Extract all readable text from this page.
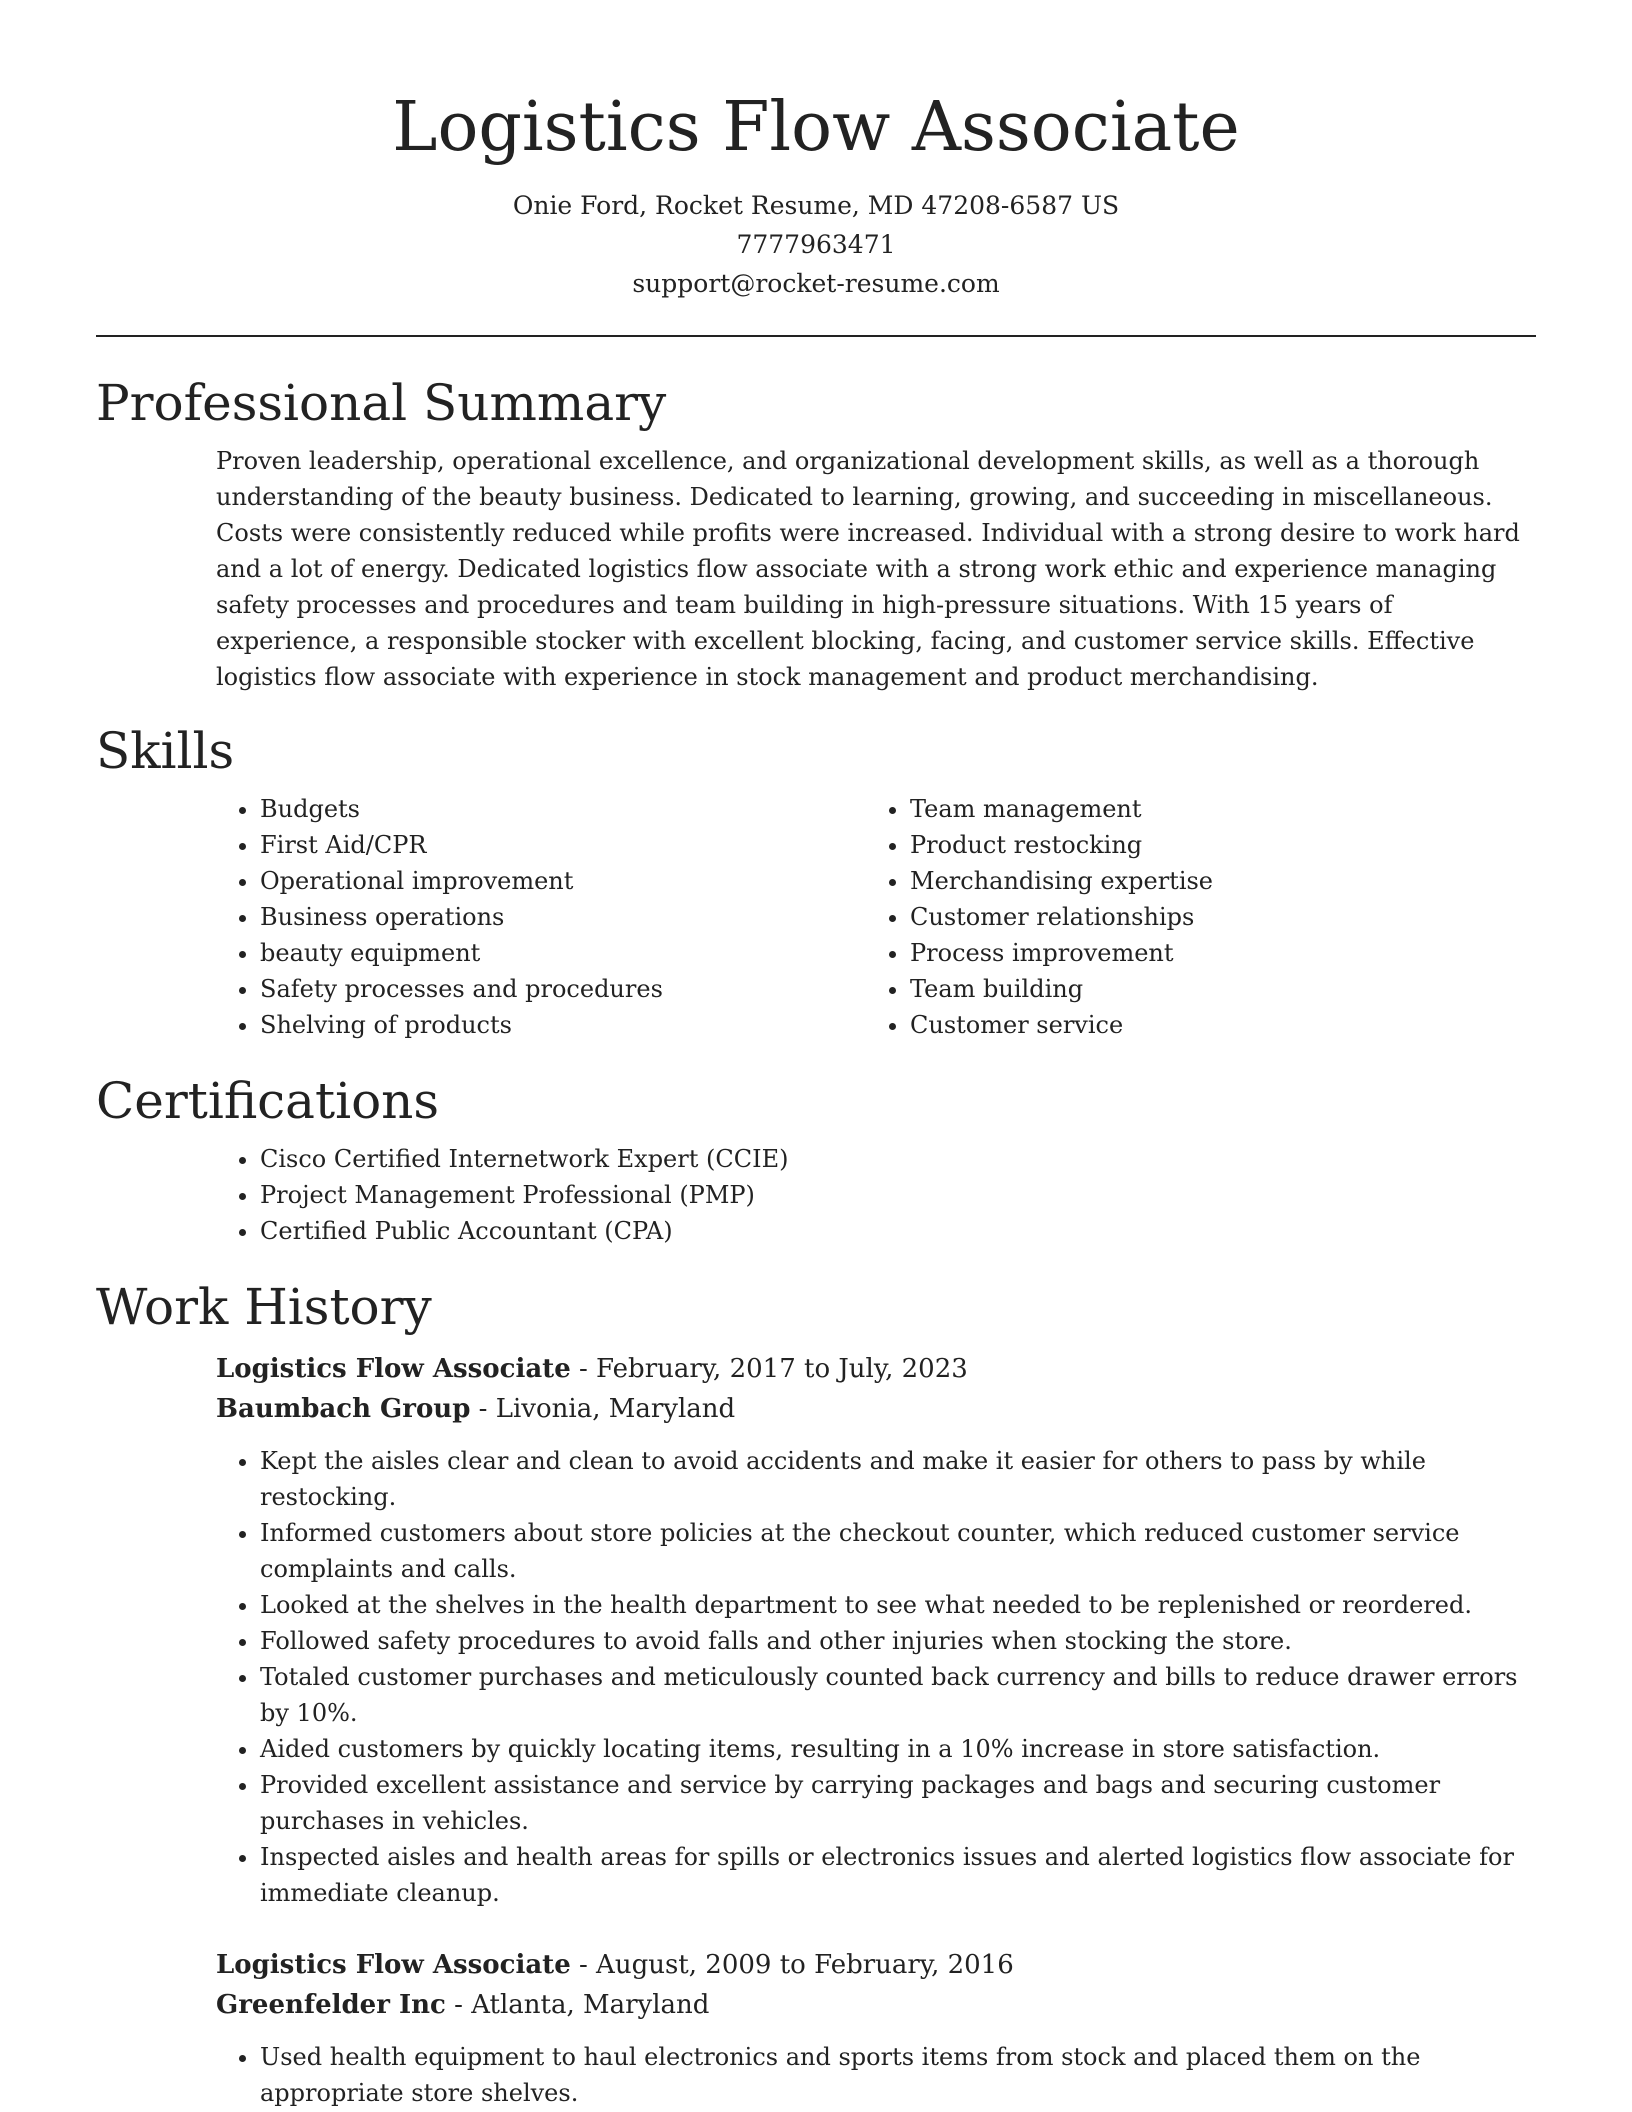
Logistics Flow Associate
Onie Ford, Rocket Resume, MD 47208-6587 US
7777963471
support@rocket-resume.com
Professional Summary

Proven leadership, operational excellence, and organizational development skills, as well as a thorough understanding of the beauty business. Dedicated to learning, growing, and succeeding in miscellaneous. Costs were consistently reduced while profits were increased. Individual with a strong desire to work hard and a lot of energy. Dedicated logistics flow associate with a strong work ethic and experience managing safety processes and procedures and team building in high-pressure situations. With 15 years of experience, a responsible stocker with excellent blocking, facing, and customer service skills. Effective logistics flow associate with experience in stock management and product merchandising.

Skills
• Budgets
• First Aid/CPR
• Operational improvement
• Business operations
• beauty equipment
• Safety processes and procedures
• Shelving of products
• Team management
• Product restocking
• Merchandising expertise
• Customer relationships
• Process improvement
• Team building
• Customer service
Certifications
• Cisco Certified Internetwork Expert (CCIE)
• Project Management Professional (PMP)
• Certified Public Accountant (CPA)
Work History
Logistics Flow Associate - February, 2017 to July, 2023
Baumbach Group - Livonia, Maryland
• Kept the aisles clear and clean to avoid accidents and make it easier for others to pass by while restocking.
• Informed customers about store policies at the checkout counter, which reduced customer service complaints and calls.
• Looked at the shelves in the health department to see what needed to be replenished or reordered.
• Followed safety procedures to avoid falls and other injuries when stocking the store.
• Totaled customer purchases and meticulously counted back currency and bills to reduce drawer errors by 10%.
• Aided customers by quickly locating items, resulting in a 10% increase in store satisfaction.
• Provided excellent assistance and service by carrying packages and bags and securing customer purchases in vehicles.
• Inspected aisles and health areas for spills or electronics issues and alerted logistics flow associate for immediate cleanup.
Logistics Flow Associate - August, 2009 to February, 2016
Greenfelder Inc - Atlanta, Maryland
• Used health equipment to haul electronics and sports items from stock and placed them on the appropriate store shelves.
